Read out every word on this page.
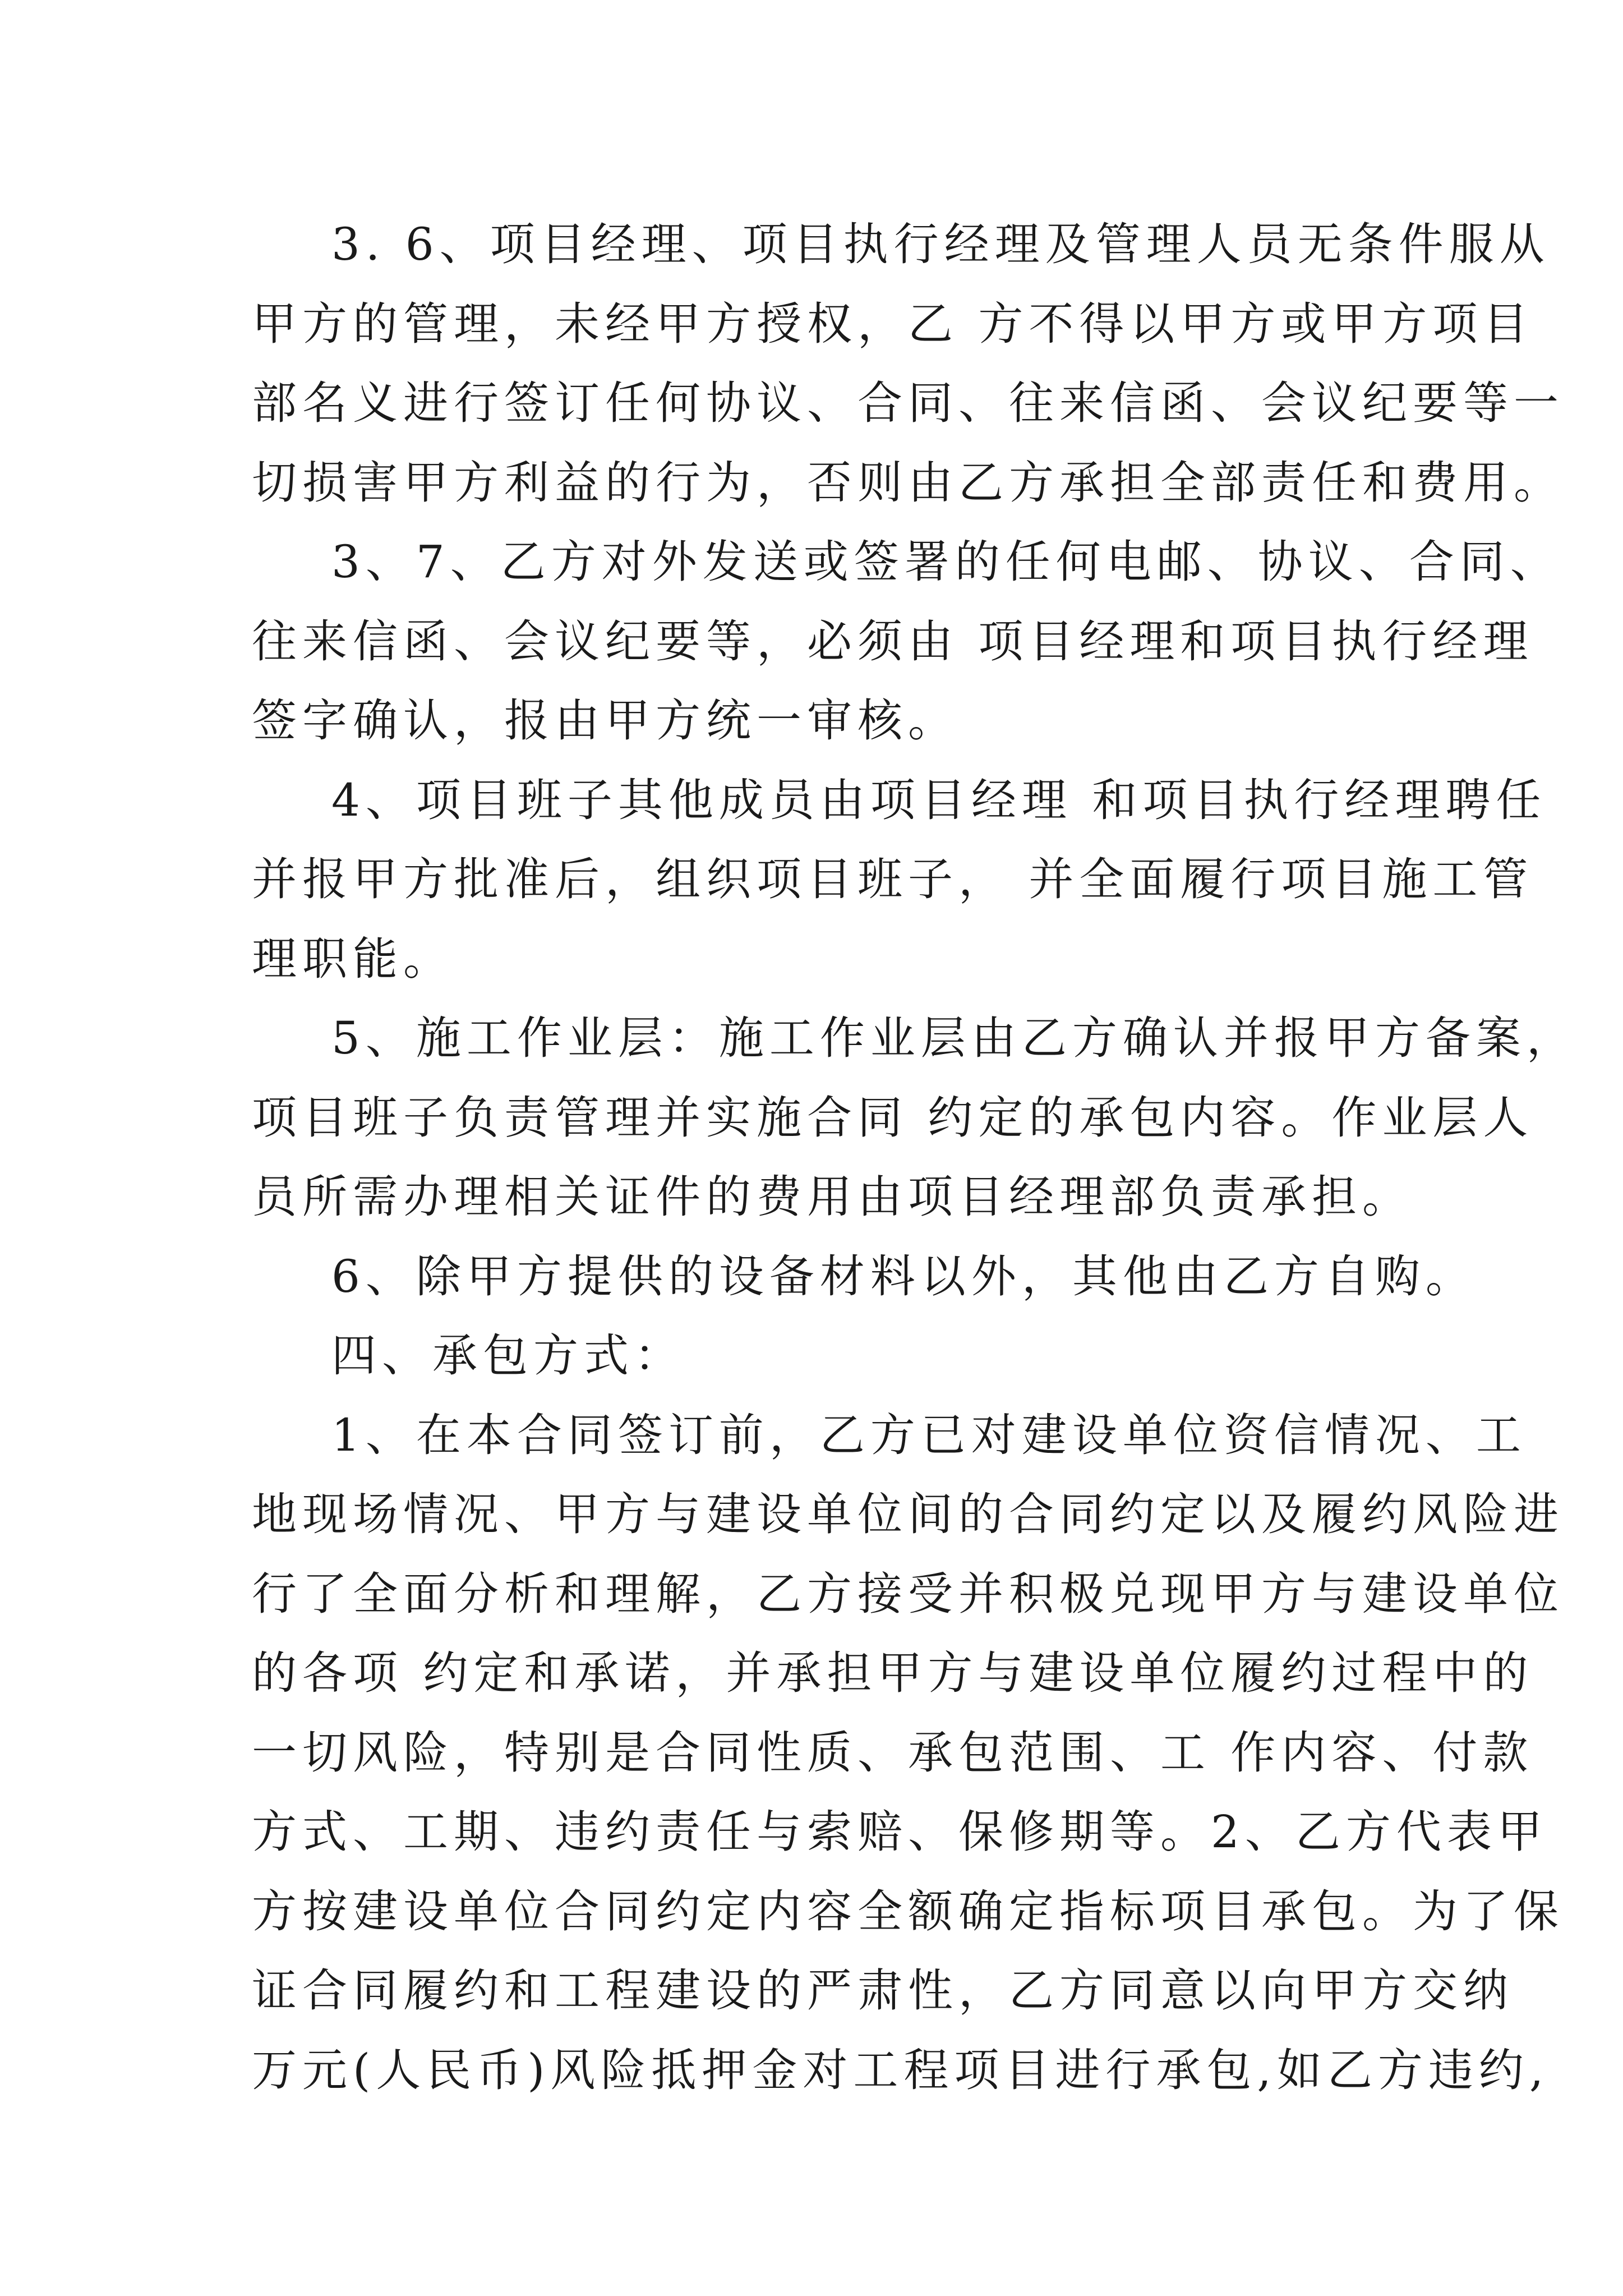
3. 6、项目经理、项目执行经理及管理人员无条件服从
甲方的管理，未经甲方授权，乙 方不得以甲方或甲方项目
部名义进行签订任何协议、合同、往来信函、会议纪要等一
切损害甲方利益的行为，否则由乙方承担全部责任和费用。
3、7、乙方对外发送或签署的任何电邮、协议、合同、
往来信函、会议纪要等，必须由 项目经理和项目执行经理
签字确认，报由甲方统一审核。
4、项目班子其他成员由项目经理 和项目执行经理聘任
并报甲方批准后，组织项目班子， 并全面履行项目施工管
理职能。
5、施工作业层：施工作业层由乙方确认并报甲方备案，
项目班子负责管理并实施合同 约定的承包内容。作业层人
员所需办理相关证件的费用由项目经理部负责承担。
6、除甲方提供的设备材料以外，其他由乙方自购。
四、承包方式：
1、在本合同签订前，乙方已对建设单位资信情况、工
地现场情况、甲方与建设单位间的合同约定以及履约风险进
行了全面分析和理解，乙方接受并积极兑现甲方与建设单位
的各项 约定和承诺，并承担甲方与建设单位履约过程中的
一切风险，特别是合同性质、承包范围、工 作内容、付款
方式、工期、违约责任与索赔、保修期等。2、乙方代表甲
方按建设单位合同约定内容全额确定指标项目承包。为了保
证合同履约和工程建设的严肃性，乙方同意以向甲方交纳
万元(人民币)风险抵押金对工程项目进行承包,如乙方违约,
